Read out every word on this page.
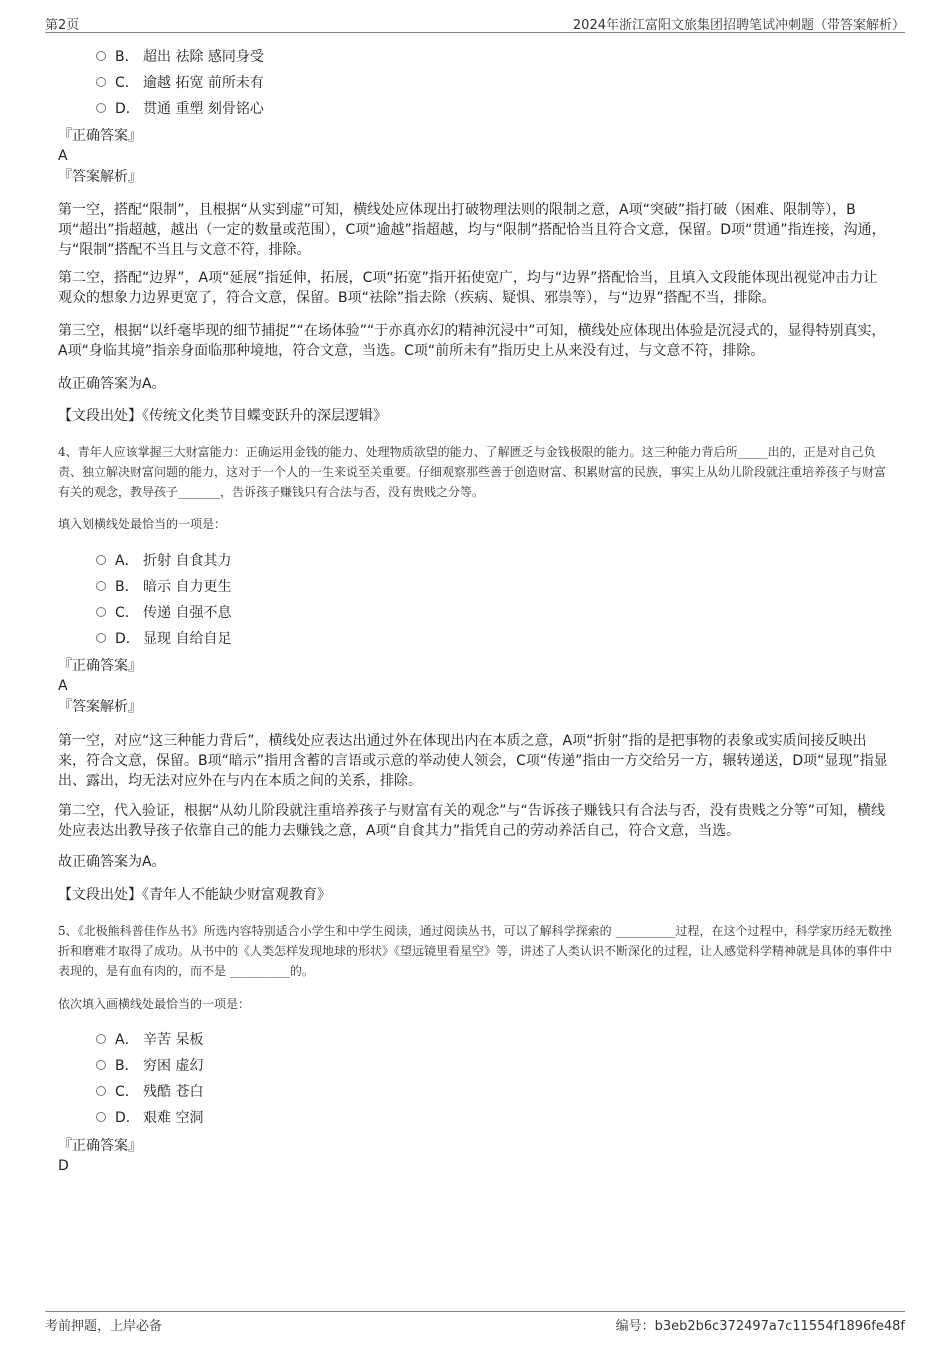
第2页	2024年浙江富阳文旅集团招聘笔试冲刺题（带答案解析）
B． 超出 祛除 感同身受
C． 逾越 拓宽 前所未有
D． 贯通 重塑 刻骨铭心
『正确答案』
A
『答案解析』
第一空，搭配“限制”，且根据“从实到虚”可知，横线处应体现出打破物理法则的限制之意，A项“突破”指打破（困难、限制等），B项“超出”指超越，越出（一定的数量或范围），C项“逾越”指超越，均与“限制”搭配恰当且符合文意，保留。D项“贯通”指连接，沟通，与“限制”搭配不当且与文意不符，排除。
第二空，搭配“边界”，A项“延展”指延伸，拓展，C项“拓宽”指开拓使宽广，均与“边界”搭配恰当，且填入文段能体现出视觉冲击力让观众的想象力边界更宽了，符合文意，保留。B项“祛除”指去除（疾病、疑惧、邪祟等），与“边界”搭配不当，排除。
第三空，根据“以纤毫毕现的细节捕捉”“在场体验”“于亦真亦幻的精神沉浸中”可知，横线处应体现出体验是沉浸式的，显得特别真实，A项“身临其境”指亲身面临那种境地，符合文意，当选。C项“前所未有”指历史上从来没有过，与文意不符，排除。
故正确答案为A。
【文段出处】《传统文化类节目蝶变跃升的深层逻辑》
4、青年人应该掌握三大财富能力：正确运用金钱的能力、处理物质欲望的能力、了解匮乏与金钱极限的能力。这三种能力背后所_____出的，正是对自己负责、独立解决财富问题的能力，这对于一个人的一生来说至关重要。仔细观察那些善于创造财富、积累财富的民族，事实上从幼儿阶段就注重培养孩子与财富有关的观念，教导孩子_______，告诉孩子赚钱只有合法与否，没有贵贱之分等。
填入划横线处最恰当的一项是：
A． 折射 自食其力
B． 暗示 自力更生
C． 传递 自强不息
D． 显现 自给自足
『正确答案』
A
『答案解析』
第一空，对应“这三种能力背后”，横线处应表达出通过外在体现出内在本质之意，A项“折射”指的是把事物的表象或实质间接反映出来，符合文意，保留。B项“暗示”指用含蓄的言语或示意的举动使人领会，C项“传递”指由一方交给另一方，辗转递送，D项“显现”指显出、露出，均无法对应外在与内在本质之间的关系，排除。
第二空，代入验证，根据“从幼儿阶段就注重培养孩子与财富有关的观念”与“告诉孩子赚钱只有合法与否，没有贵贱之分等”可知，横线处应表达出教导孩子依靠自己的能力去赚钱之意，A项“自食其力”指凭自己的劳动养活自己，符合文意，当选。
故正确答案为A。
【文段出处】《青年人不能缺少财富观教育》
5、《北极熊科普佳作丛书》所选内容特别适合小学生和中学生阅读，通过阅读丛书，可以了解科学探索的 __________过程，在这个过程中，科学家历经无数挫折和磨难才取得了成功。从书中的《人类怎样发现地球的形状》《望远镜里看星空》等，讲述了人类认识不断深化的过程，让人感觉科学精神就是具体的事件中表现的，是有血有肉的，而不是 __________的。
依次填入画横线处最恰当的一项是：
A． 辛苦 呆板
B． 穷困 虚幻
C． 残酷 苍白
D． 艰难 空洞
『正确答案』
D
考前押题，上岸必备	编号：b3eb2b6c372497a7c11554f1896fe48f
